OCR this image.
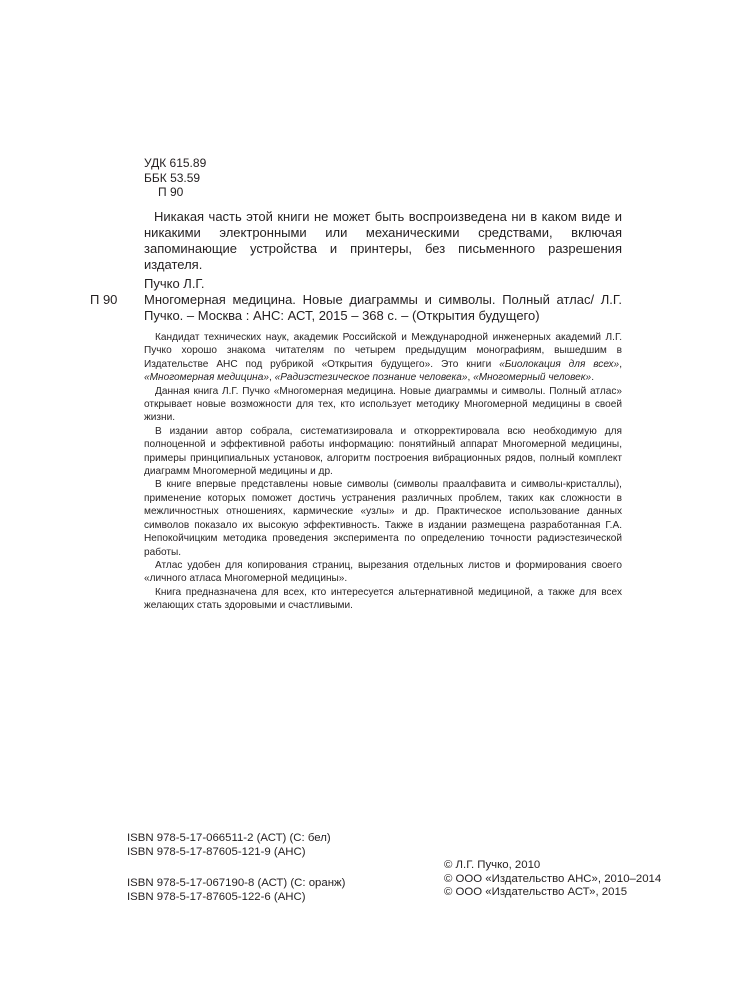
УДК 615.89
ББК 53.59
П 90
Никакая часть этой книги не может быть воспроизведена ни в каком виде и никакими электронными или механическими средствами, включая запоминающие устройства и принтеры, без письменного разрешения издателя.
Пучко Л.Г.
П 90 Многомерная медицина. Новые диаграммы и символы. Полный атлас/ Л.Г. Пучко. – Москва : АНС: АСТ, 2015 – 368 с. – (Открытия будущего)

Кандидат технических наук, академик Российской и Международной инженерных академий Л.Г. Пучко хорошо знакома читателям по четырем предыдущим монографиям, вышедшим в Издательстве АНС под рубрикой «Открытия будущего». Это книги «Биолокация для всех», «Многомерная медицина», «Радиэстезическое познание человека», «Многомерный человек».

Данная книга Л.Г. Пучко «Многомерная медицина. Новые диаграммы и символы. Полный атлас» открывает новые возможности для тех, кто использует методику Многомерной медицины в своей жизни.

В издании автор собрала, систематизировала и откорректировала всю необходимую для полноценной и эффективной работы информацию: понятийный аппарат Многомерной медицины, примеры принципиальных установок, алгоритм построения вибрационных рядов, полный комплект диаграмм Многомерной медицины и др.

В книге впервые представлены новые символы (символы праалфавита и символы-кристаллы), применение которых поможет достичь устранения различных проблем, таких как сложности в межличностных отношениях, кармические «узлы» и др. Практическое использование данных символов показало их высокую эффективность. Также в издании размещена разработанная Г.А. Непокойчицким методика проведения эксперимента по определению точности радиэстезической работы.

Атлас удобен для копирования страниц, вырезания отдельных листов и формирования своего «личного атласа Многомерной медицины».

Книга предназначена для всех, кто интересуется альтернативной медициной, а также для всех желающих стать здоровыми и счастливыми.

ISBN 978-5-17-066511-2 (АСТ) (С: бел)
ISBN 978-5-17-87605-121-9 (АНС)
ISBN 978-5-17-067190-8 (АСТ) (С: оранж)
ISBN 978-5-17-87605-122-6 (АНС)
© Л.Г. Пучко, 2010
© ООО «Издательство АНС», 2010–2014
© ООО «Издательство АСТ», 2015
